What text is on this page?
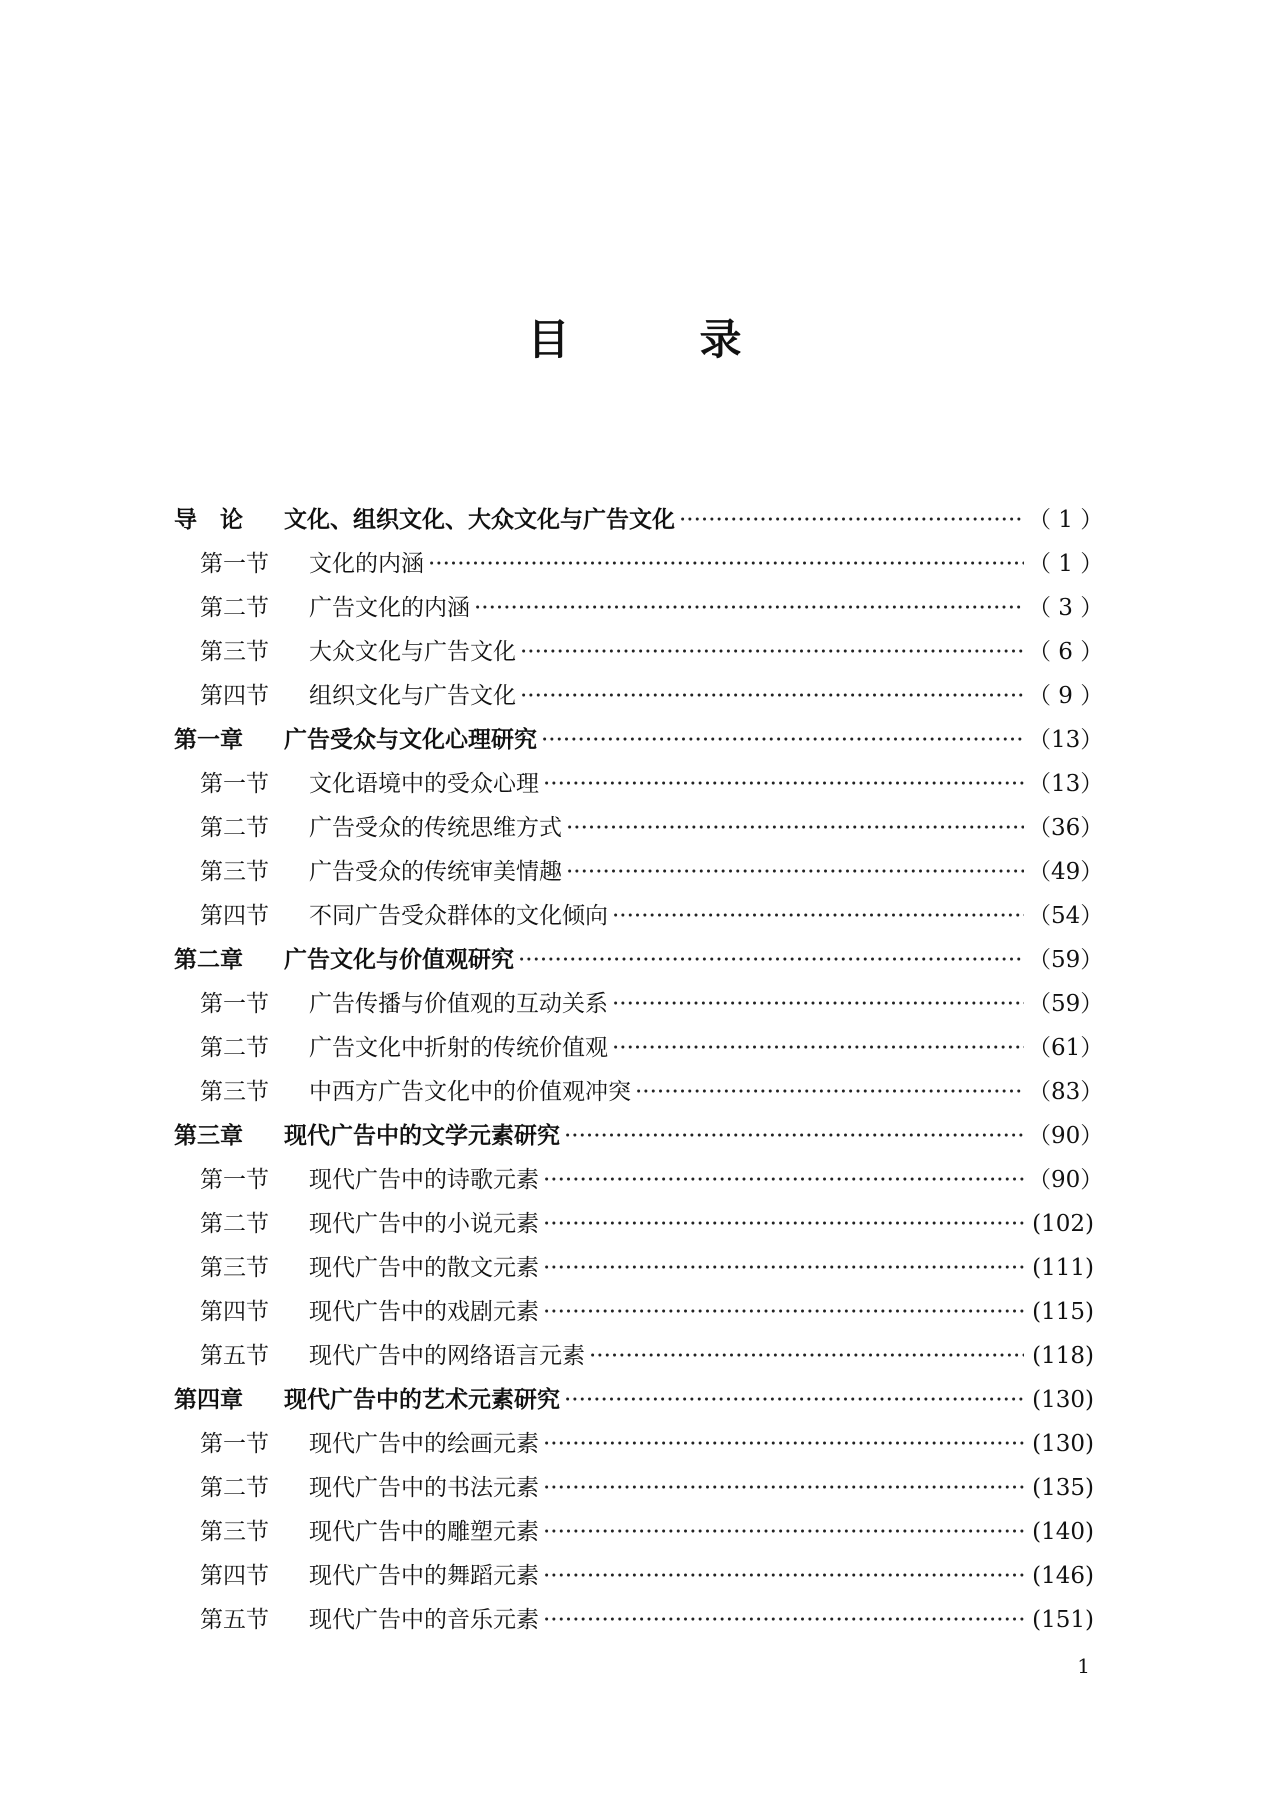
目　录
导　论	文化、组织文化、大众文化与广告文化 ·····	（ 1 ）
第一节	文化的内涵 ·····	（ 1 ）
第二节	广告文化的内涵 ·····	（ 3 ）
第三节	大众文化与广告文化 ·····	（ 6 ）
第四节	组织文化与广告文化 ·····	（ 9 ）
第一章	广告受众与文化心理研究 ·····	（13）
第一节	文化语境中的受众心理 ·····	（13）
第二节	广告受众的传统思维方式 ·····	（36）
第三节	广告受众的传统审美情趣 ·····	（49）
第四节	不同广告受众群体的文化倾向 ·····	（54）
第二章	广告文化与价值观研究 ·····	（59）
第一节	广告传播与价值观的互动关系 ·····	（59）
第二节	广告文化中折射的传统价值观 ·····	（61）
第三节	中西方广告文化中的价值观冲突 ·····	（83）
第三章	现代广告中的文学元素研究 ·····	（90）
第一节	现代广告中的诗歌元素 ·····	（90）
第二节	现代广告中的小说元素 ·····	(102)
第三节	现代广告中的散文元素 ·····	(111)
第四节	现代广告中的戏剧元素 ·····	(115)
第五节	现代广告中的网络语言元素 ·····	(118)
第四章	现代广告中的艺术元素研究 ·····	(130)
第一节	现代广告中的绘画元素 ·····	(130)
第二节	现代广告中的书法元素 ·····	(135)
第三节	现代广告中的雕塑元素 ·····	(140)
第四节	现代广告中的舞蹈元素 ·····	(146)
第五节	现代广告中的音乐元素 ·····	(151)
1
